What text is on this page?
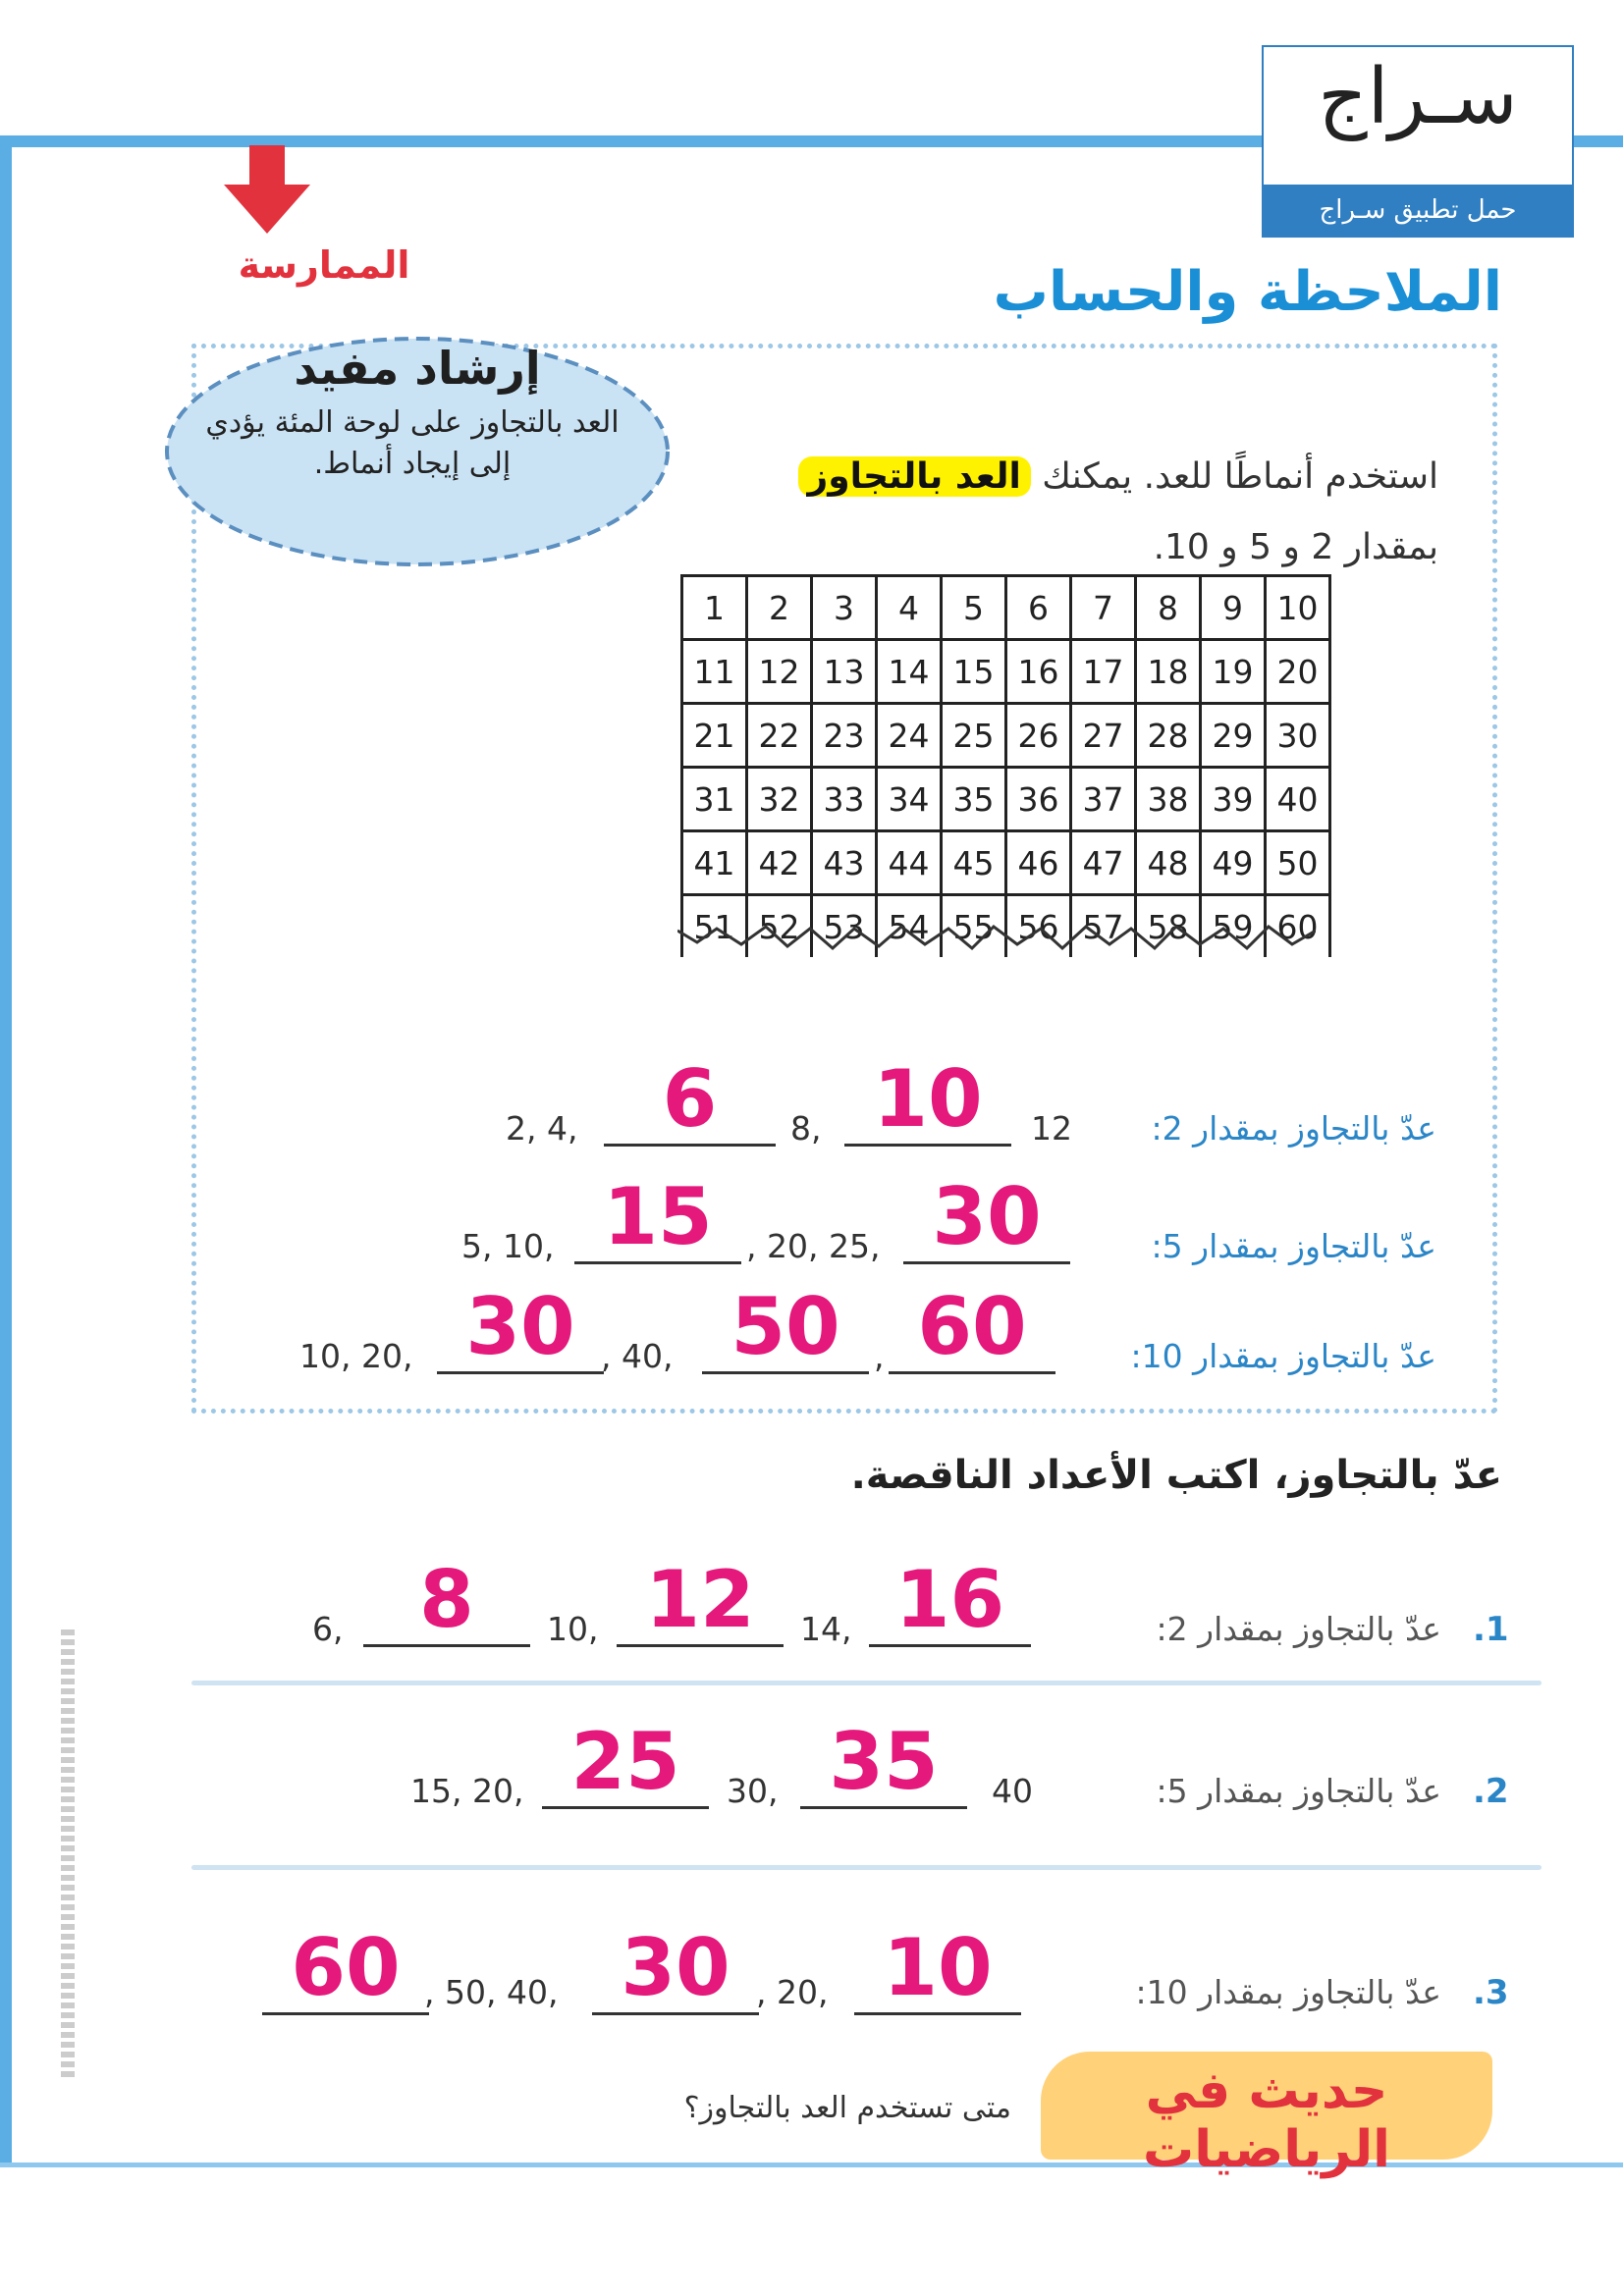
سـراج
حمل تطبيق سـراج
الممارسة	الملاحظة والحساب
إرشاد مفيد
العد بالتجاوز على لوحة المئة يؤدي إلى إيجاد أنماط.	استخدم أنماطًا للعد. يمكنك العد بالتجاوز
بمقدار 2 و 5 و 10.
1	2	3	4	5	6	7	8	9	10
11	12	13	14	15	16	17	18	19	20
21	22	23	24	25	26	27	28	29	30
31	32	33	34	35	36	37	38	39	40
41	42	43	44	45	46	47	48	49	50
51	52	53	54	55	56	57	58	59	60
عدّ بالتجاوز بمقدار 2:
12
10
8,
6
2, 4,
عدّ بالتجاوز بمقدار 5:
30
, 20, 25,
15
5, 10,
عدّ بالتجاوز بمقدار 10:
60
,
50
, 40,
30
10, 20,
عدّ بالتجاوز، اكتب الأعداد الناقصة.
.1
عدّ بالتجاوز بمقدار 2:
16
14,
12
10,
8
6,
.2
عدّ بالتجاوز بمقدار 5:
40
35
30,
25
15, 20,
.3
عدّ بالتجاوز بمقدار 10:
10
, 20,
30
, 50, 40,
60
حديث في الرياضيات
متى تستخدم العد بالتجاوز؟
